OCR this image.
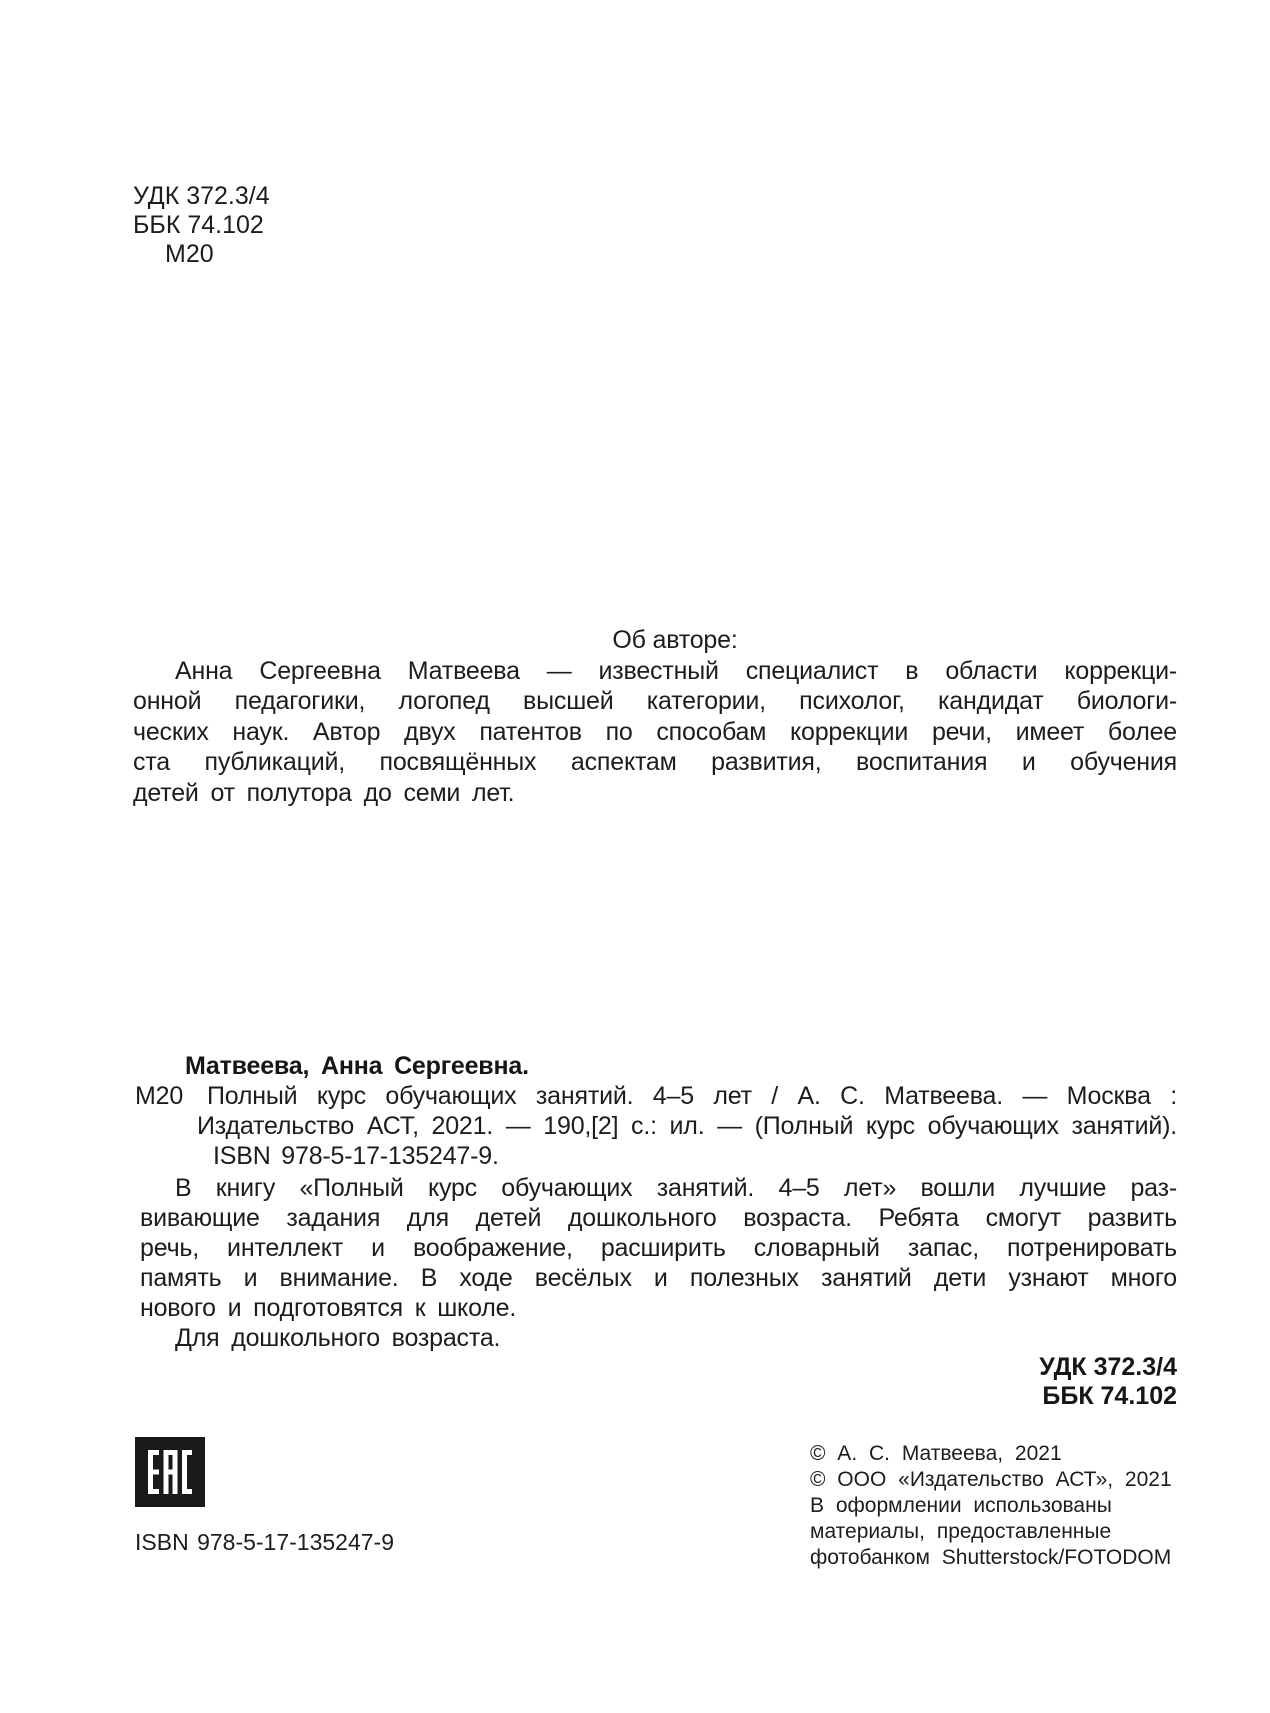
УДК 372.3/4
ББК 74.102
М20
Об авторе:
Анна Сергеевна Матвеева — известный специалист в области коррекци-
онной педагогики, логопед высшей категории, психолог, кандидат биологи-
ческих наук. Автор двух патентов по способам коррекции речи, имеет более
ста публикаций, посвящённых аспектам развития, воспитания и обучения
детей от полутора до семи лет.
Матвеева, Анна Сергеевна.
М20 Полный курс обучающих занятий. 4–5 лет / А. С. Матвеева. — Москва :
Издательство АСТ, 2021. — 190,[2] с.: ил. — (Полный курс обучающих занятий).
ISBN 978-5-17-135247-9.
В книгу «Полный курс обучающих занятий. 4–5 лет» вошли лучшие раз-
вивающие задания для детей дошкольного возраста. Ребята смогут развить
речь, интеллект и воображение, расширить словарный запас, потренировать
память и внимание. В ходе весёлых и полезных занятий дети узнают много
нового и подготовятся к школе.
Для дошкольного возраста.
УДК 372.3/4
ББК 74.102
© А. С. Матвеева, 2021
© ООО «Издательство АСТ», 2021
В оформлении использованы
материалы, предоставленные
фотобанком Shutterstock/FOTODOM
ISBN 978-5-17-135247-9
